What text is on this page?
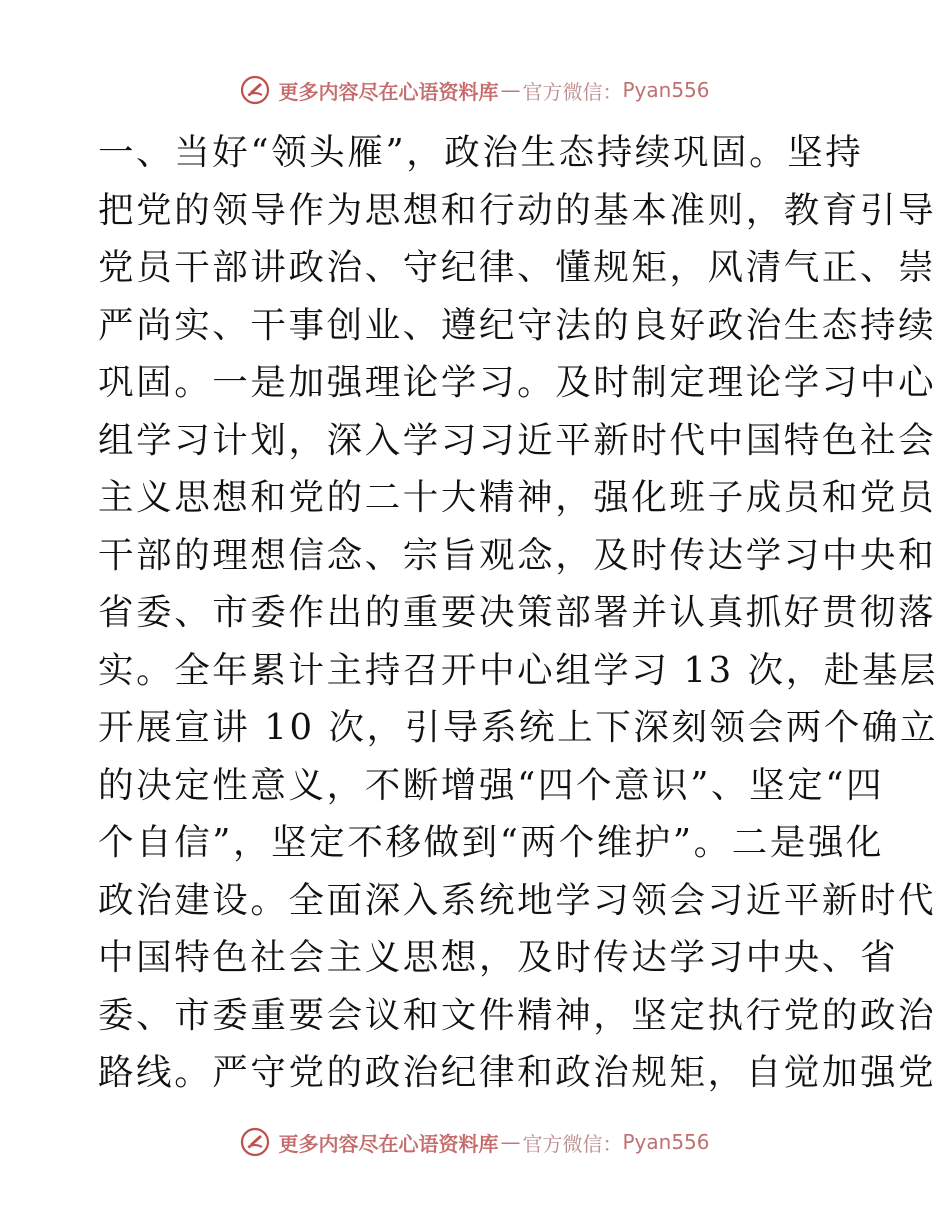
更多内容尽在心语资料库 — 官方微信： Pyan556
一、当好“领头雁”，政治生态持续巩固。坚持
把党的领导作为思想和行动的基本准则，教育引导
党员干部讲政治、守纪律、懂规矩，风清气正、崇
严尚实、干事创业、遵纪守法的良好政治生态持续
巩固。一是加强理论学习。及时制定理论学习中心
组学习计划，深入学习习近平新时代中国特色社会
主义思想和党的二十大精神，强化班子成员和党员
干部的理想信念、宗旨观念，及时传达学习中央和
省委、市委作出的重要决策部署并认真抓好贯彻落
实。全年累计主持召开中心组学习 13 次，赴基层
开展宣讲 10 次，引导系统上下深刻领会两个确立
的决定性意义，不断增强“四个意识”、坚定“四
个自信”，坚定不移做到“两个维护”。二是强化
政治建设。全面深入系统地学习领会习近平新时代
中国特色社会主义思想，及时传达学习中央、省
委、市委重要会议和文件精神，坚定执行党的政治
路线。严守党的政治纪律和政治规矩，自觉加强党
更多内容尽在心语资料库 — 官方微信： Pyan556
